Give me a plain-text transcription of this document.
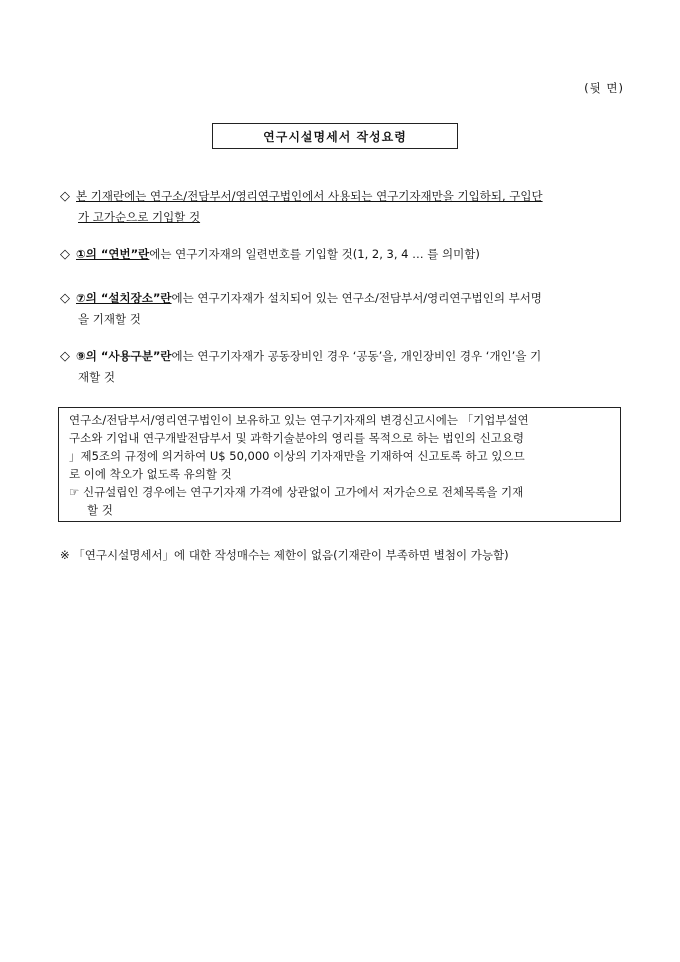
(뒷 면)
연구시설명세서 작성요령
◇ 본 기재란에는 연구소/전담부서/영리연구법인에서 사용되는 연구기자재만을 기입하되, 구입단
가 고가순으로 기입할 것
◇ ①의 “연번”란에는 연구기자재의 일련번호를 기입할 것(1, 2, 3, 4 … 를 의미함)
◇ ⑦의 “설치장소”란에는 연구기자재가 설치되어 있는 연구소/전담부서/영리연구법인의 부서명
을 기재할 것
◇ ⑨의 “사용구분”란에는 연구기자재가 공동장비인 경우 ‘공동’을, 개인장비인 경우 ‘개인’을 기
재할 것
연구소/전담부서/영리연구법인이 보유하고 있는 연구기자재의 변경신고시에는 「기업부설연
구소와 기업내 연구개발전담부서 및 과학기술분야의 영리를 목적으로 하는 법인의 신고요령
」제5조의 규정에 의거하여 U$ 50,000 이상의 기자재만을 기재하여 신고토록 하고 있으므
로 이에 착오가 없도록 유의할 것
☞ 신규설립인 경우에는 연구기자재 가격에 상관없이 고가에서 저가순으로 전체목록을 기재
할 것
※ 「연구시설명세서」에 대한 작성매수는 제한이 없음(기재란이 부족하면 별첨이 가능함)
